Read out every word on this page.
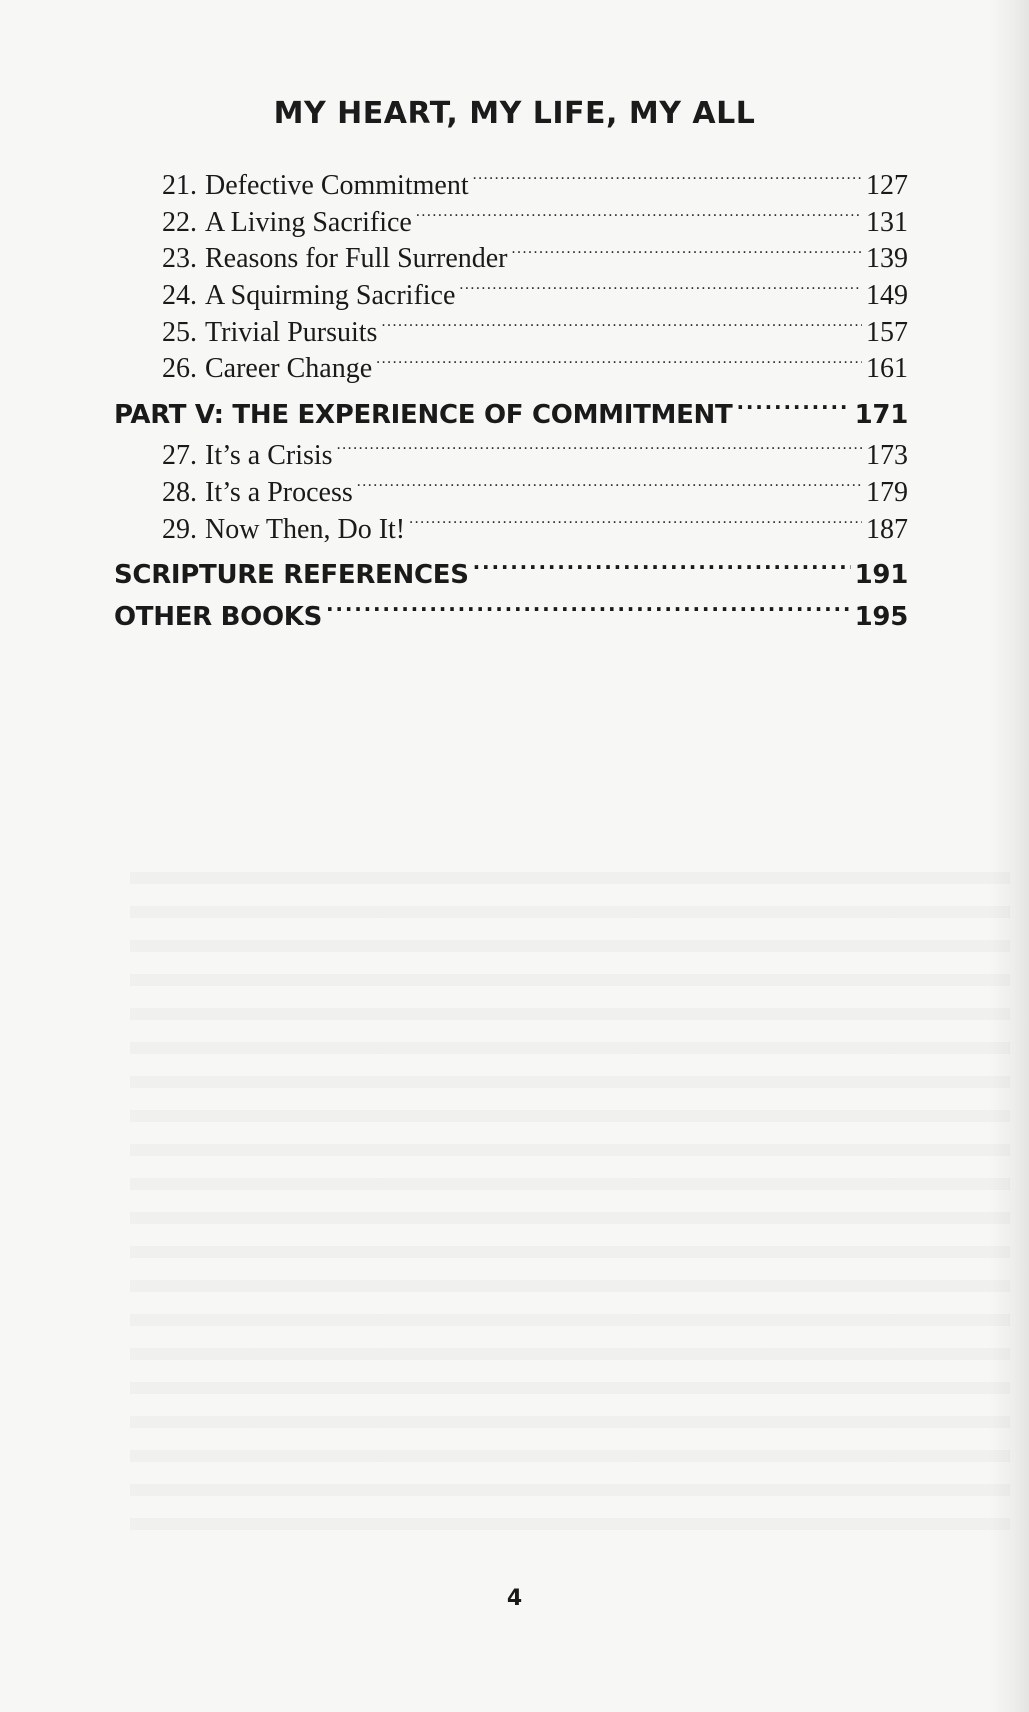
MY HEART, MY LIFE, MY ALL
21. Defective Commitment .....	127
22. A Living Sacrifice .....	131
23. Reasons for Full Surrender .....	139
24. A Squirming Sacrifice .....	149
25. Trivial Pursuits .....	157
26. Career Change .....	161
PART V: THE EXPERIENCE OF COMMITMENT .....	171
27. It’s a Crisis .....	173
28. It’s a Process .....	179
29. Now Then, Do It! .....	187
SCRIPTURE REFERENCES .....	191
OTHER BOOKS .....	195
4
